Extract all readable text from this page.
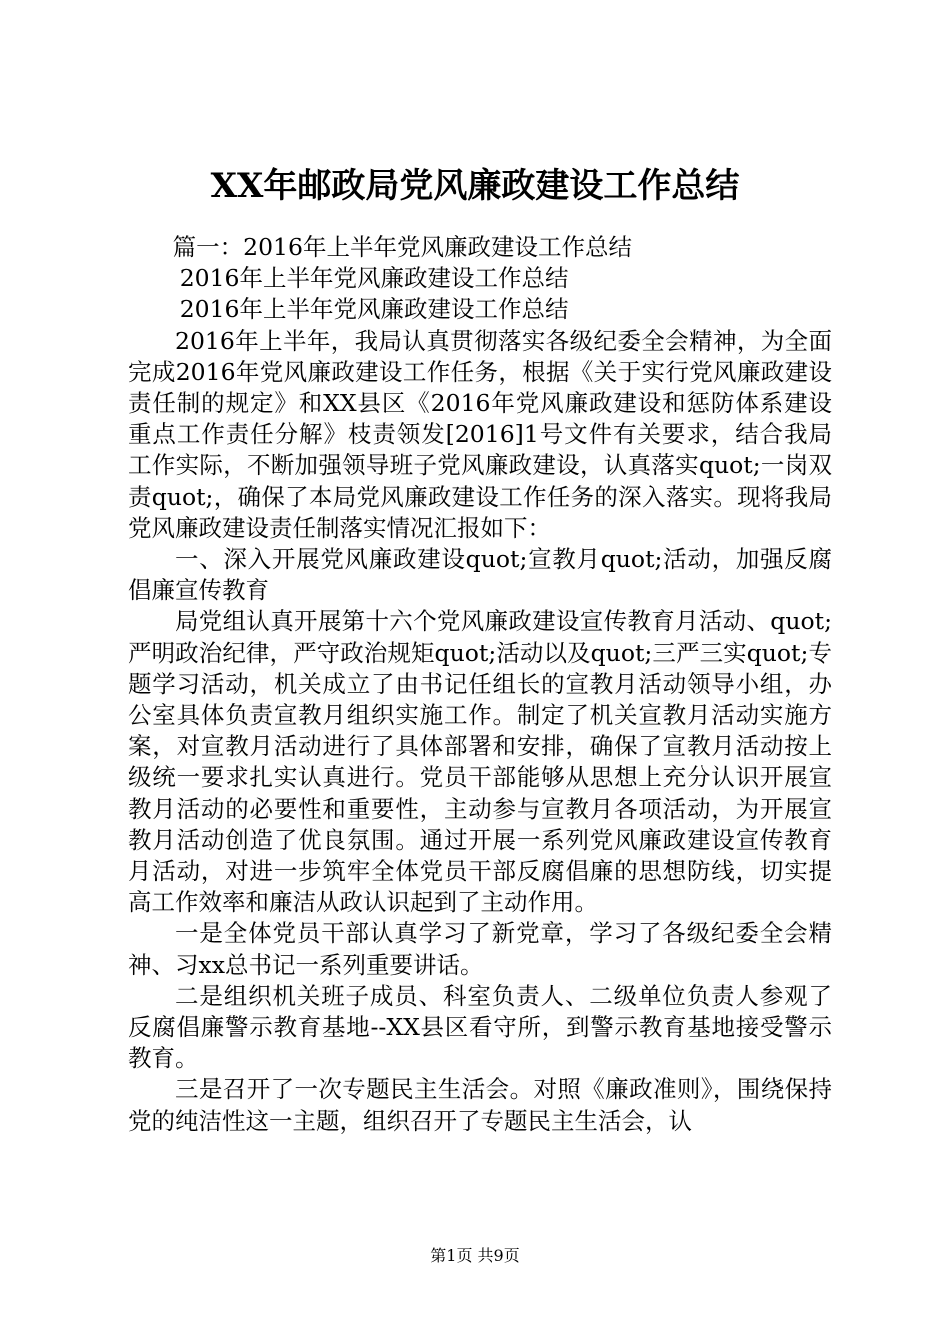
XX年邮政局党风廉政建设工作总结

篇一：2016年上半年党风廉政建设工作总结

2016年上半年党风廉政建设工作总结

2016年上半年党风廉政建设工作总结

2016年上半年，我局认真贯彻落实各级纪委全会精神，为全面完成2016年党风廉政建设工作任务，根据《关于实行党风廉政建设责任制的规定》和XX县区《2016年党风廉政建设和惩防体系建设重点工作责任分解》枝责领发[2016]1号文件有关要求，结合我局工作实际，不断加强领导班子党风廉政建设，认真落实quot;一岗双责quot;，确保了本局党风廉政建设工作任务的深入落实。现将我局党风廉政建设责任制落实情况汇报如下：

一、深入开展党风廉政建设quot;宣教月quot;活动，加强反腐倡廉宣传教育

局党组认真开展第十六个党风廉政建设宣传教育月活动、quot;严明政治纪律，严守政治规矩quot;活动以及quot;三严三实quot;专题学习活动，机关成立了由书记任组长的宣教月活动领导小组，办公室具体负责宣教月组织实施工作。制定了机关宣教月活动实施方案，对宣教月活动进行了具体部署和安排，确保了宣教月活动按上级统一要求扎实认真进行。党员干部能够从思想上充分认识开展宣教月活动的必要性和重要性，主动参与宣教月各项活动，为开展宣教月活动创造了优良氛围。通过开展一系列党风廉政建设宣传教育月活动，对进一步筑牢全体党员干部反腐倡廉的思想防线，切实提高工作效率和廉洁从政认识起到了主动作用。

一是全体党员干部认真学习了新党章，学习了各级纪委全会精神、习xx总书记一系列重要讲话。

二是组织机关班子成员、科室负责人、二级单位负责人参观了反腐倡廉警示教育基地--XX县区看守所，到警示教育基地接受警示教育。

三是召开了一次专题民主生活会。对照《廉政准则》，围绕保持党的纯洁性这一主题，组织召开了专题民主生活会，认

第1页 共9页
